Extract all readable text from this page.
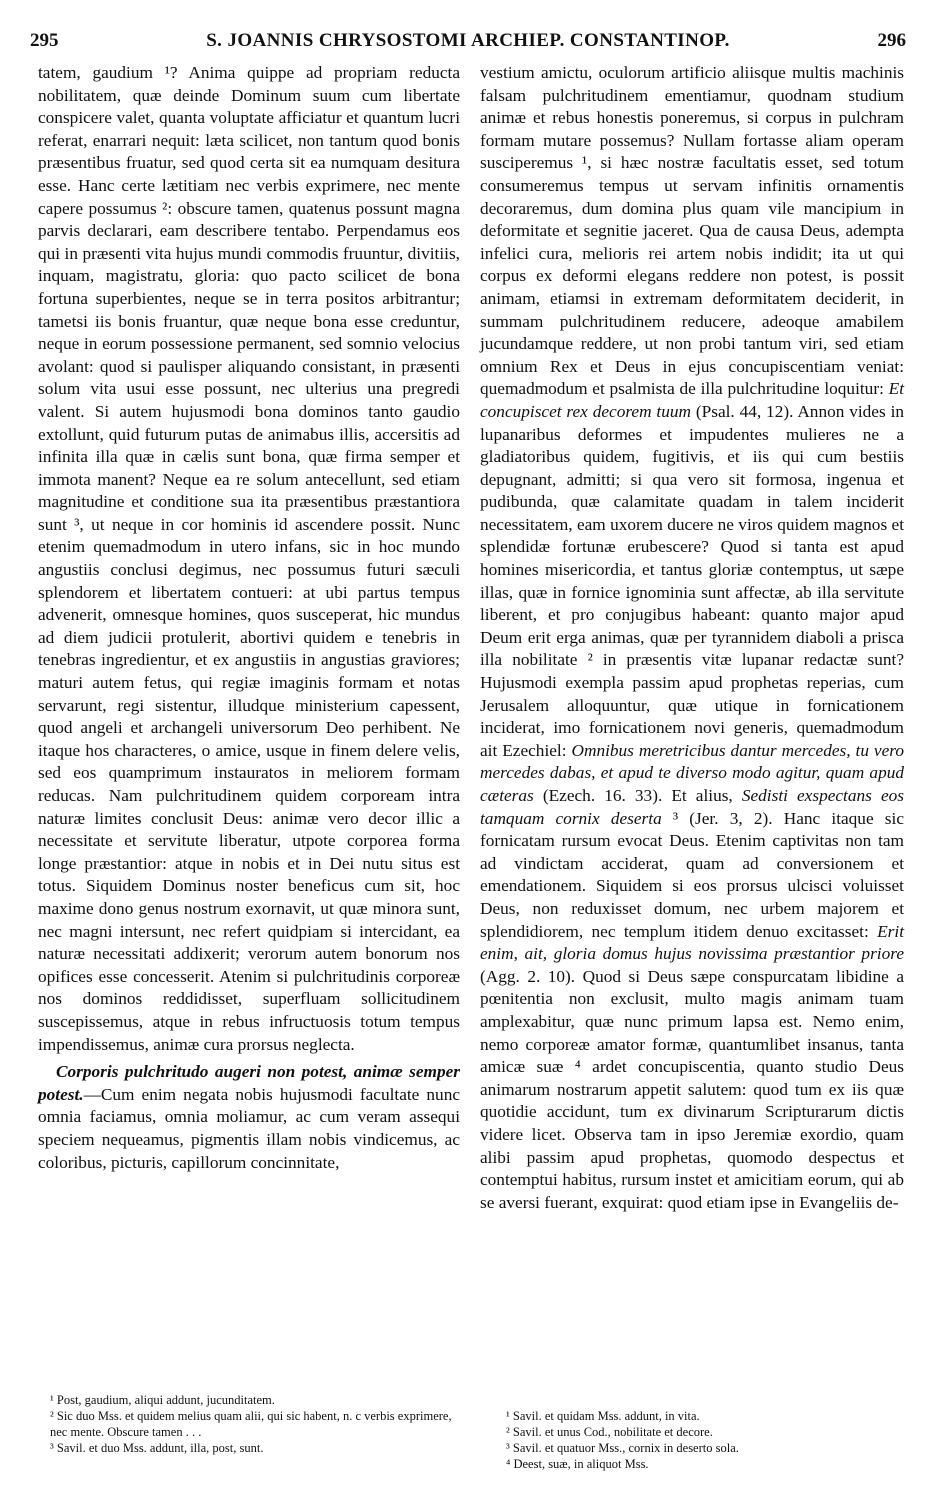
295	S. JOANNIS CHRYSOSTOMI ARCHIEP. CONSTANTINOP.	296

tatem, gaudium ¹? Anima quippe ad propriam reducta nobilitatem, quæ deinde Dominum suum cum libertate conspicere valet, quanta voluptate afficiatur et quantum lucri referat, enarrari nequit: læta scilicet, non tantum quod bonis præsentibus fruatur, sed quod certa sit ea numquam desitura esse. Hanc certe lætitiam nec verbis exprimere, nec mente capere possumus ²: obscure tamen, quatenus possunt magna parvis declarari, eam describere tentabo. Perpendamus eos qui in præsenti vita hujus mundi commodis fruuntur, divitiis, inquam, magistratu, gloria: quo pacto scilicet de bona fortuna superbientes, neque se in terra positos arbitrantur; tametsi iis bonis fruantur, quæ neque bona esse creduntur, neque in eorum possessione permanent, sed somnio velocius avolant: quod si paulisper aliquando consistant, in præsenti solum vita usui esse possunt, nec ulterius una pregredi valent. Si autem hujusmodi bona dominos tanto gaudio extollunt, quid futurum putas de animabus illis, accersitis ad infinita illa quæ in cælis sunt bona, quæ firma semper et immota manent? Neque ea re solum antecellunt, sed etiam magnitudine et conditione sua ita præsentibus præstantiora sunt ³, ut neque in cor hominis id ascendere possit. Nunc etenim quemadmodum in utero infans, sic in hoc mundo angustiis conclusi degimus, nec possumus futuri sæculi splendorem et libertatem contueri: at ubi partus tempus advenerit, omnesque homines, quos susceperat, hic mundus ad diem judicii protulerit, abortivi quidem e tenebris in tenebras ingredientur, et ex angustiis in angustias graviores; maturi autem fetus, qui regiæ imaginis formam et notas servarunt, regi sistentur, illudque ministerium capessent, quod angeli et archangeli universorum Deo perhibent. Ne itaque hos characteres, o amice, usque in finem delere velis, sed eos quamprimum instauratos in meliorem formam reducas. Nam pulchritudinem quidem corpoream intra naturæ limites conclusit Deus: animæ vero decor illic a necessitate et servitute liberatur, utpote corporea forma longe præstantior: atque in nobis et in Dei nutu situs est totus. Siquidem Dominus noster beneficus cum sit, hoc maxime dono genus nostrum exornavit, ut quæ minora sunt, nec magni intersunt, nec refert quidpiam si intercidant, ea naturæ necessitati addixerit; verorum autem bonorum nos opifices esse concesserit. Atenim si pulchritudinis corporeæ nos dominos reddidisset, superfluam sollicitudinem suscepissemus, atque in rebus infructuosis totum tempus impendissemus, animæ cura prorsus neglecta.

Corporis pulchritudo augeri non potest, animæ semper potest.—Cum enim negata nobis hujusmodi facultate nunc omnia faciamus, omnia moliamur, ac cum veram assequi speciem nequeamus, pigmentis illam nobis vindicemus, ac coloribus, picturis, capillorum concinnitate,

vestium amictu, oculorum artificio aliisque multis machinis falsam pulchritudinem ementiamur, quodnam studium animæ et rebus honestis poneremus, si corpus in pulchram formam mutare possemus? Nullam fortasse aliam operam susciperemus ¹, si hæc nostræ facultatis esset, sed totum consumeremus tempus ut servam infinitis ornamentis decoraremus, dum domina plus quam vile mancipium in deformitate et segnitie jaceret. Qua de causa Deus, adempta infelici cura, melioris rei artem nobis indidit; ita ut qui corpus ex deformi elegans reddere non potest, is possit animam, etiamsi in extremam deformitatem deciderit, in summam pulchritudinem reducere, adeoque amabilem jucundamque reddere, ut non probi tantum viri, sed etiam omnium Rex et Deus in ejus concupiscentiam veniat: quemadmodum et psalmista de illa pulchritudine loquitur: Et concupiscet rex decorem tuum (Psal. 44, 12). Annon vides in lupanaribus deformes et impudentes mulieres ne a gladiatoribus quidem, fugitivis, et iis qui cum bestiis depugnant, admitti; si qua vero sit formosa, ingenua et pudibunda, quæ calamitate quadam in talem inciderit necessitatem, eam uxorem ducere ne viros quidem magnos et splendidæ fortunæ erubescere? Quod si tanta est apud homines misericordia, et tantus gloriæ contemptus, ut sæpe illas, quæ in fornice ignominia sunt affectæ, ab illa servitute liberent, et pro conjugibus habeant: quanto major apud Deum erit erga animas, quæ per tyrannidem diaboli a prisca illa nobilitate ² in præsentis vitæ lupanar redactæ sunt? Hujusmodi exempla passim apud prophetas reperias, cum Jerusalem alloquuntur, quæ utique in fornicationem inciderat, imo fornicationem novi generis, quemadmodum ait Ezechiel: Omnibus meretricibus dantur mercedes, tu vero mercedes dabas, et apud te diverso modo agitur, quam apud cæteras (Ezech. 16. 33). Et alius, Sedisti exspectans eos tamquam cornix deserta ³ (Jer. 3, 2). Hanc itaque sic fornicatam rursum evocat Deus. Etenim captivitas non tam ad vindictam acciderat, quam ad conversionem et emendationem. Siquidem si eos prorsus ulcisci voluisset Deus, non reduxisset domum, nec urbem majorem et splendidiorem, nec templum itidem denuo excitasset: Erit enim, ait, gloria domus hujus novissima præstantior priore (Agg. 2. 10). Quod si Deus sæpe conspurcatam libidine a pœnitentia non exclusit, multo magis animam tuam amplexabitur, quæ nunc primum lapsa est. Nemo enim, nemo corporeæ amator formæ, quantumlibet insanus, tanta amicæ suæ ⁴ ardet concupiscentia, quanto studio Deus animarum nostrarum appetit salutem: quod tum ex iis quæ quotidie accidunt, tum ex divinarum Scripturarum dictis videre licet. Observa tam in ipso Jeremiæ exordio, quam alibi passim apud prophetas, quomodo despectus et contemptui habitus, rursum instet et amicitiam eorum, qui ab se aversi fuerant, exquirat: quod etiam ipse in Evangeliis de-

¹ Post, gaudium, aliqui addunt, jucunditatem.
² Sic duo Mss. et quidem melius quam alii, qui sic habent, n. c verbis exprimere, nec mente. Obscure tamen . . .
³ Savil. et duo Mss. addunt, illa, post, sunt.
¹ Savil. et quidam Mss. addunt, in vita.
² Savil. et unus Cod., nobilitate et decore.
³ Savil. et quatuor Mss., cornix in deserto sola.
⁴ Deest, suæ, in aliquot Mss.
